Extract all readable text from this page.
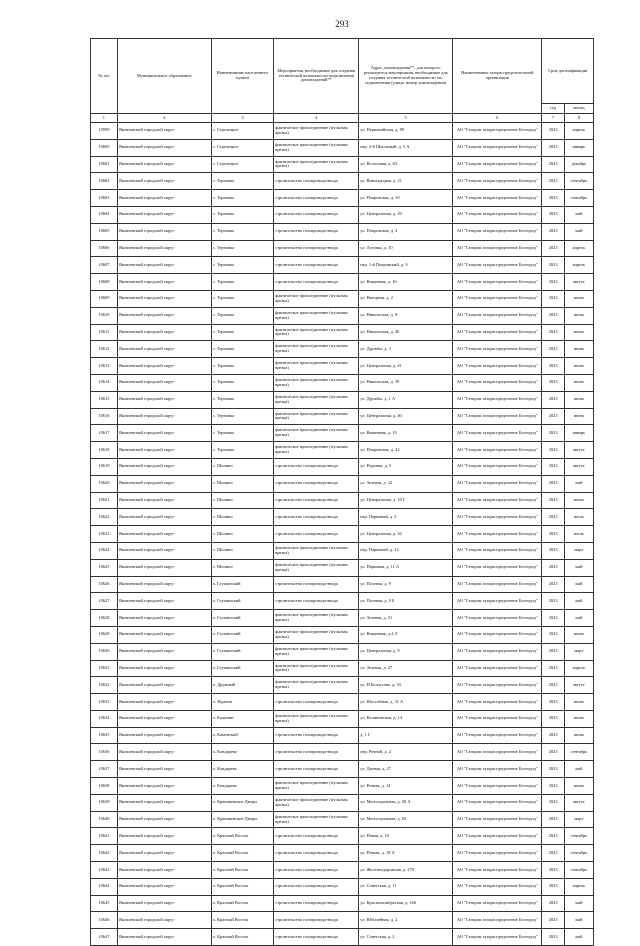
293
№ п/п	Муниципальное образование	Наименование населенного пункта	Мероприятия, необходимые для создания технической возможности подключения домовладений**	Адрес домовладения**, для которого реализуются мероприятия, необходимые для создания технической возможности его подключения (улица, номер домовладения)	Наименование газораспределительной организации	Срок догазификации	
						год	месяц
1	2	3	4	5	6	7	8
10599	Яковлевский городской округ	с. Стрелецкое	фактическое присоединение (пусковая врезка)	ул. Первомайская, д. 99	АО "Газпром газораспределение Белгород"	2023	апрель
10600	Яковлевский городской округ	с. Стрелецкое	фактическое присоединение (пусковая врезка)	пер. 2-й Школьный, д. 5 А	АО "Газпром газораспределение Белгород"	2023	январь
10601	Яковлевский городской округ	с. Стрелецкое	фактическое присоединение (пусковая врезка)	ул. Колхозная, д. 83	АО "Газпром газораспределение Белгород"	2023	декабрь
10602	Яковлевский городской округ	с. Терновка	строительство газопровода-ввода	ул. Виноградная, д. 21	АО "Газпром газораспределение Белгород"	2023	сентябрь
10603	Яковлевский городской округ	с. Терновка	строительство газопровода-ввода	ул. Покровская, д. 10	АО "Газпром газораспределение Белгород"	2023	сентябрь
10604	Яковлевский городской округ	с. Терновка	строительство газопровода-ввода	ул. Центральная, д. 29	АО "Газпром газораспределение Белгород"	2023	май
10605	Яковлевский городской округ	с. Терновка	строительство газопровода-ввода	ул. Покровская, д. 4	АО "Газпром газораспределение Белгород"	2023	май
10606	Яковлевский городской округ	с. Терновка	строительство газопровода-ввода	ул. Луговая, д. 10	АО "Газпром газораспределение Белгород"	2023	апрель
10607	Яковлевский городской округ	с. Терновка	строительство газопровода-ввода	пер. 1-й Покровский, д. 9	АО "Газпром газораспределение Белгород"	2023	апрель
10608	Яковлевский городской округ	с. Терновка	строительство газопровода-ввода	ул. Вишневая, д. 16	АО "Газпром газораспределение Белгород"	2023	август
10609	Яковлевский городской округ	с. Терновка	фактическое присоединение (пусковая врезка)	ул. Нагорная, д. 2	АО "Газпром газораспределение Белгород"	2023	июнь
10610	Яковлевский городской округ	с. Терновка	фактическое присоединение (пусковая врезка)	ул. Никольская, д. 8	АО "Газпром газораспределение Белгород"	2023	июнь
10611	Яковлевский городской округ	с. Терновка	фактическое присоединение (пусковая врезка)	ул. Никольская, д. 40	АО "Газпром газораспределение Белгород"	2023	июнь
10612	Яковлевский городской округ	с. Терновка	фактическое присоединение (пусковая врезка)	ул. Дружбы, д. 3	АО "Газпром газораспределение Белгород"	2023	июнь
10613	Яковлевский городской округ	с. Терновка	фактическое присоединение (пусковая врезка)	ул. Центральная, д. 41	АО "Газпром газораспределение Белгород"	2023	июнь
10614	Яковлевский городской округ	с. Терновка	фактическое присоединение (пусковая врезка)	ул. Никольская, д. 39	АО "Газпром газораспределение Белгород"	2023	июнь
10615	Яковлевский городской округ	с. Терновка	фактическое присоединение (пусковая врезка)	ул. Дружбы, д. 1 А	АО "Газпром газораспределение Белгород"	2023	июнь
10616	Яковлевский городской округ	с. Терновка	фактическое присоединение (пусковая врезка)	ул. Центральная, д. 40	АО "Газпром газораспределение Белгород"	2023	июнь
10617	Яковлевский городской округ	с. Терновка	фактическое присоединение (пусковая врезка)	ул. Вишневая, д. 19	АО "Газпром газораспределение Белгород"	2023	январь
10618	Яковлевский городской округ	с. Терновка	фактическое присоединение (пусковая врезка)	ул. Покровская, д. 22	АО "Газпром газораспределение Белгород"	2023	август
10619	Яковлевский городской округ	с. Шопино	строительство газопровода-ввода	ул. Родники, д. 5	АО "Газпром газораспределение Белгород"	2023	август
10620	Яковлевский городской округ	с. Шопино	строительство газопровода-ввода	ул. Зеленая, д. 32	АО "Газпром газораспределение Белгород"	2023	май
10621	Яковлевский городской округ	с. Шопино	строительство газопровода-ввода	ул. Центральная, д. 18 Г	АО "Газпром газораспределение Белгород"	2023	июнь
10622	Яковлевский городской округ	с. Шопино	строительство газопровода-ввода	пер. Парковый, д. 2	АО "Газпром газораспределение Белгород"	2023	июль
10623	Яковлевский городской округ	с. Шопино	строительство газопровода-ввода	ул. Центральная, д. 34	АО "Газпром газораспределение Белгород"	2023	июль
10624	Яковлевский городской округ	с. Шопино	фактическое присоединение (пусковая врезка)	пер. Парковый, д. 12	АО "Газпром газораспределение Белгород"	2023	март
10625	Яковлевский городской округ	с. Шопино	фактическое присоединение (пусковая врезка)	ул. Парковая, д. 11 А	АО "Газпром газораспределение Белгород"	2023	май
10626	Яковлевский городской округ	х. Глушинский	строительство газопровода-ввода	ул. Полевая, д. 9	АО "Газпром газораспределение Белгород"	2023	май
10627	Яковлевский городской округ	х. Глушинский	строительство газопровода-ввода	ул. Полевая, д. 9 Б	АО "Газпром газораспределение Белгород"	2023	май
10628	Яковлевский городской округ	х. Глушинский	фактическое присоединение (пусковая врезка)	ул. Зеленая, д. 21	АО "Газпром газораспределение Белгород"	2023	май
10629	Яковлевский городской округ	х. Глушинский	фактическое присоединение (пусковая врезка)	ул. Вишневая, д.4 А	АО "Газпром газораспределение Белгород"	2023	июнь
10630	Яковлевский городской округ	х. Глушинский	фактическое присоединение (пусковая врезка)	ул. Центральная, д. 9	АО "Газпром газораспределение Белгород"	2023	март
10631	Яковлевский городской округ	х. Глушинский	фактическое присоединение (пусковая врезка)	ул. Зеленая, д. 27	АО "Газпром газораспределение Белгород"	2023	апрель
10632	Яковлевский городской округ	х. Дружный	фактическое присоединение (пусковая врезка)	ул. Н.Белоусова, д. 33	АО "Газпром газораспределение Белгород"	2023	август
10633	Яковлевский городской округ	х. Жданов	строительство газопровода-ввода	ул. Шоссейная, д. 31 А	АО "Газпром газораспределение Белгород"	2023	июнь
10634	Яковлевский городской округ	х. Калинин	фактическое присоединение (пусковая врезка)	ул. Калининская, д. 14	АО "Газпром газораспределение Белгород"	2023	июнь
10635	Яковлевский городской округ	х. Каменский	строительство газопровода-ввода	д. 1 Г	АО "Газпром газораспределение Белгород"	2023	июнь
10636	Яковлевский городской округ	х. Кондарево	строительство газопровода-ввода	пер. Речной, д. 2	АО "Газпром газораспределение Белгород"	2023	сентябрь
10637	Яковлевский городской округ	х. Кондарево	строительство газопровода-ввода	ул. Дачная, д. 27	АО "Газпром газораспределение Белгород"	2023	май
10638	Яковлевский городской округ	х. Кондарево	фактическое присоединение (пусковая врезка)	ул. Речная, д. 14	АО "Газпром газораспределение Белгород"	2023	июнь
10639	Яковлевский городской округ	х. Крапивенские Дворы	фактическое присоединение (пусковая врезка)	ул. Магистральная, д. 50 А	АО "Газпром газораспределение Белгород"	2023	август
10640	Яковлевский городской округ	х. Крапивенские Дворы	фактическое присоединение (пусковая врезка)	ул. Магистральная, д. 82	АО "Газпром газораспределение Белгород"	2023	март
10641	Яковлевский городской округ	х. Красный Восток	строительство газопровода-ввода	ул. Новая, д. 10	АО "Газпром газораспределение Белгород"	2023	сентябрь
10642	Яковлевский городской округ	х. Красный Восток	строительство газопровода-ввода	ул. Речная, д. 18 А	АО "Газпром газораспределение Белгород"	2023	сентябрь
10643	Яковлевский городской округ	х. Красный Восток	строительство газопровода-ввода	ул. Железнодорожная, д. 278	АО "Газпром газораспределение Белгород"	2023	сентябрь
10644	Яковлевский городской округ	х. Красный Восток	строительство газопровода-ввода	ул. Советская, д. 11	АО "Газпром газораспределение Белгород"	2023	апрель
10645	Яковлевский городской округ	х. Красный Восток	строительство газопровода-ввода	ул. Краснооктябрьская, д. 146	АО "Газпром газораспределение Белгород"	2023	май
10646	Яковлевский городской округ	х. Красный Восток	строительство газопровода-ввода	ул. Юбилейная, д. 2	АО "Газпром газораспределение Белгород"	2023	май
10647	Яковлевский городской округ	х. Красный Восток	строительство газопровода-ввода	ул. Советская, д. 2	АО "Газпром газораспределение Белгород"	2023	май
